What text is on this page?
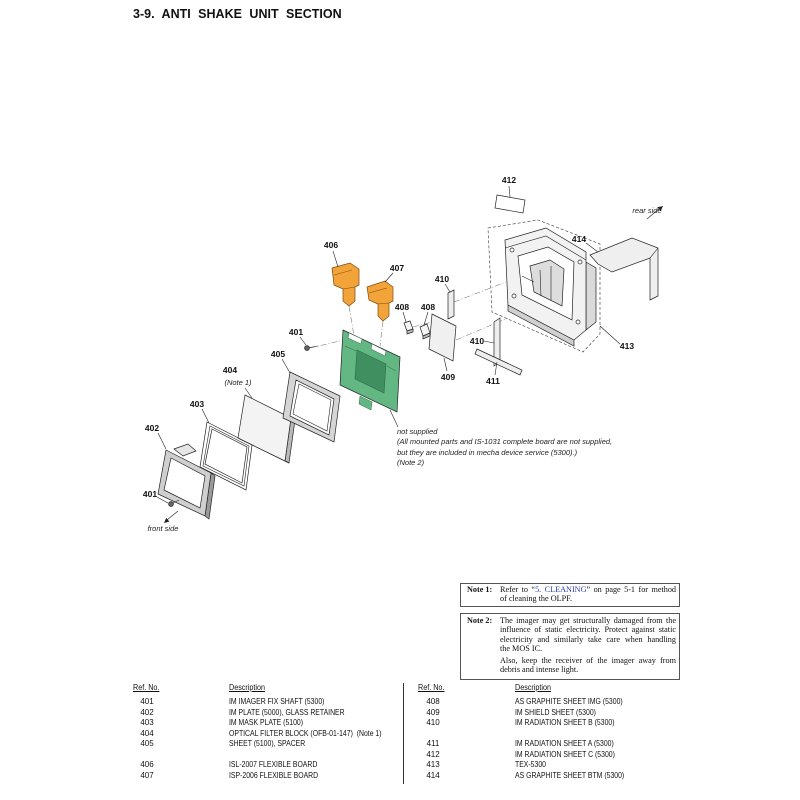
3-9. ANTI SHAKE UNIT SECTION
412
414
406
407
408 408
410
401
405
404
(Note 1)
409
410
411
413
403
402
401
rear side
front side
not supplied
(All mounted parts and IS-1031 complete board are not supplied,
but they are included in mecha device service (5300).)
(Note 2)
Note 1: Refer to “5. CLEANING” on page 5-1 for method
of cleaning the OLPF.
Note 2: The imager may get structurally damaged from the
influence of static electricity. Protect against static
electricity and similarly take care when handling
the MOS IC.
Also, keep the receiver of the imager away from
debris and intense light.
Ref. No.	Description	Ref. No.	Description
401	IM IMAGER FIX SHAFT (5300)
402	IM PLATE (5000), GLASS RETAINER
403	IM MASK PLATE (5100)
404	OPTICAL FILTER BLOCK (OFB-01-147)  (Note 1)
405	SHEET (5100), SPACER
406	ISL-2007 FLEXIBLE BOARD
407	ISP-2006 FLEXIBLE BOARD
408	AS GRAPHITE SHEET IMG (5300)
409	IM SHIELD SHEET (5300)
410	IM RADIATION SHEET B (5300)
411	IM RADIATION SHEET A (5300)
412	IM RADIATION SHEET C (5300)
413	TEX-5300
414	AS GRAPHITE SHEET BTM (5300)
